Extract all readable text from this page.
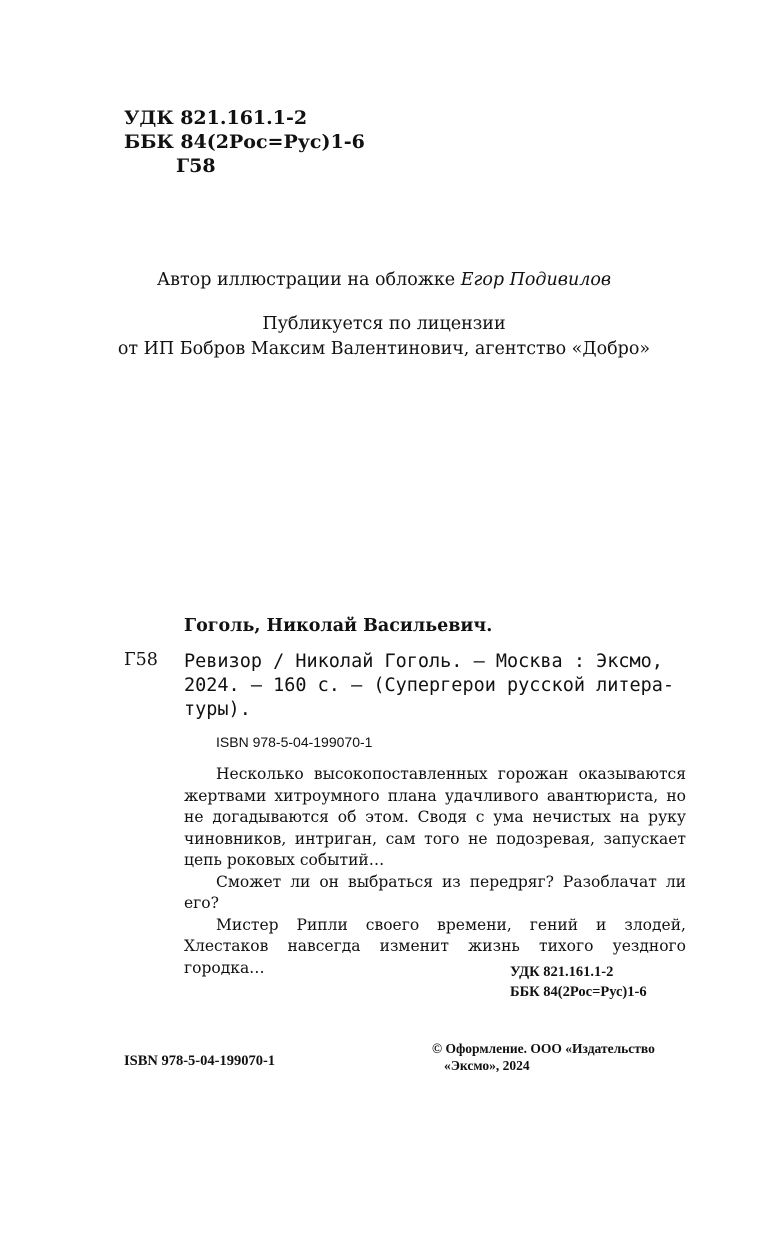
УДК 821.161.1-2
ББК 84(2Рос=Рус)1-6
Г58
Автор иллюстрации на обложке Егор Подивилов
Публикуется по лицензии
от ИП Бобров Максим Валентинович, агентство «Добро»
Гоголь, Николай Васильевич.
Г58 Ревизор / Николай Гоголь. — Москва : Эксмо,
2024. — 160 с. — (Супергерои русской литера-
туры).
ISBN 978-5-04-199070-1

Несколько высокопоставленных горожан оказываются жертвами хитроумного плана удачливого авантюриста, но не догадываются об этом. Сводя с ума нечистых на руку чиновников, интриган, сам того не подозревая, запускает цепь роковых событий…

Сможет ли он выбраться из передряг? Разоблачат ли его?

Мистер Рипли своего времени, гений и злодей, Хлестаков навсегда изменит жизнь тихого уездного городка…	УДК 821.161.1-2
ББК 84(2Рос=Рус)1-6
ISBN 978-5-04-199070-1
© Оформление. ООО «Издательство
«Эксмо», 2024
